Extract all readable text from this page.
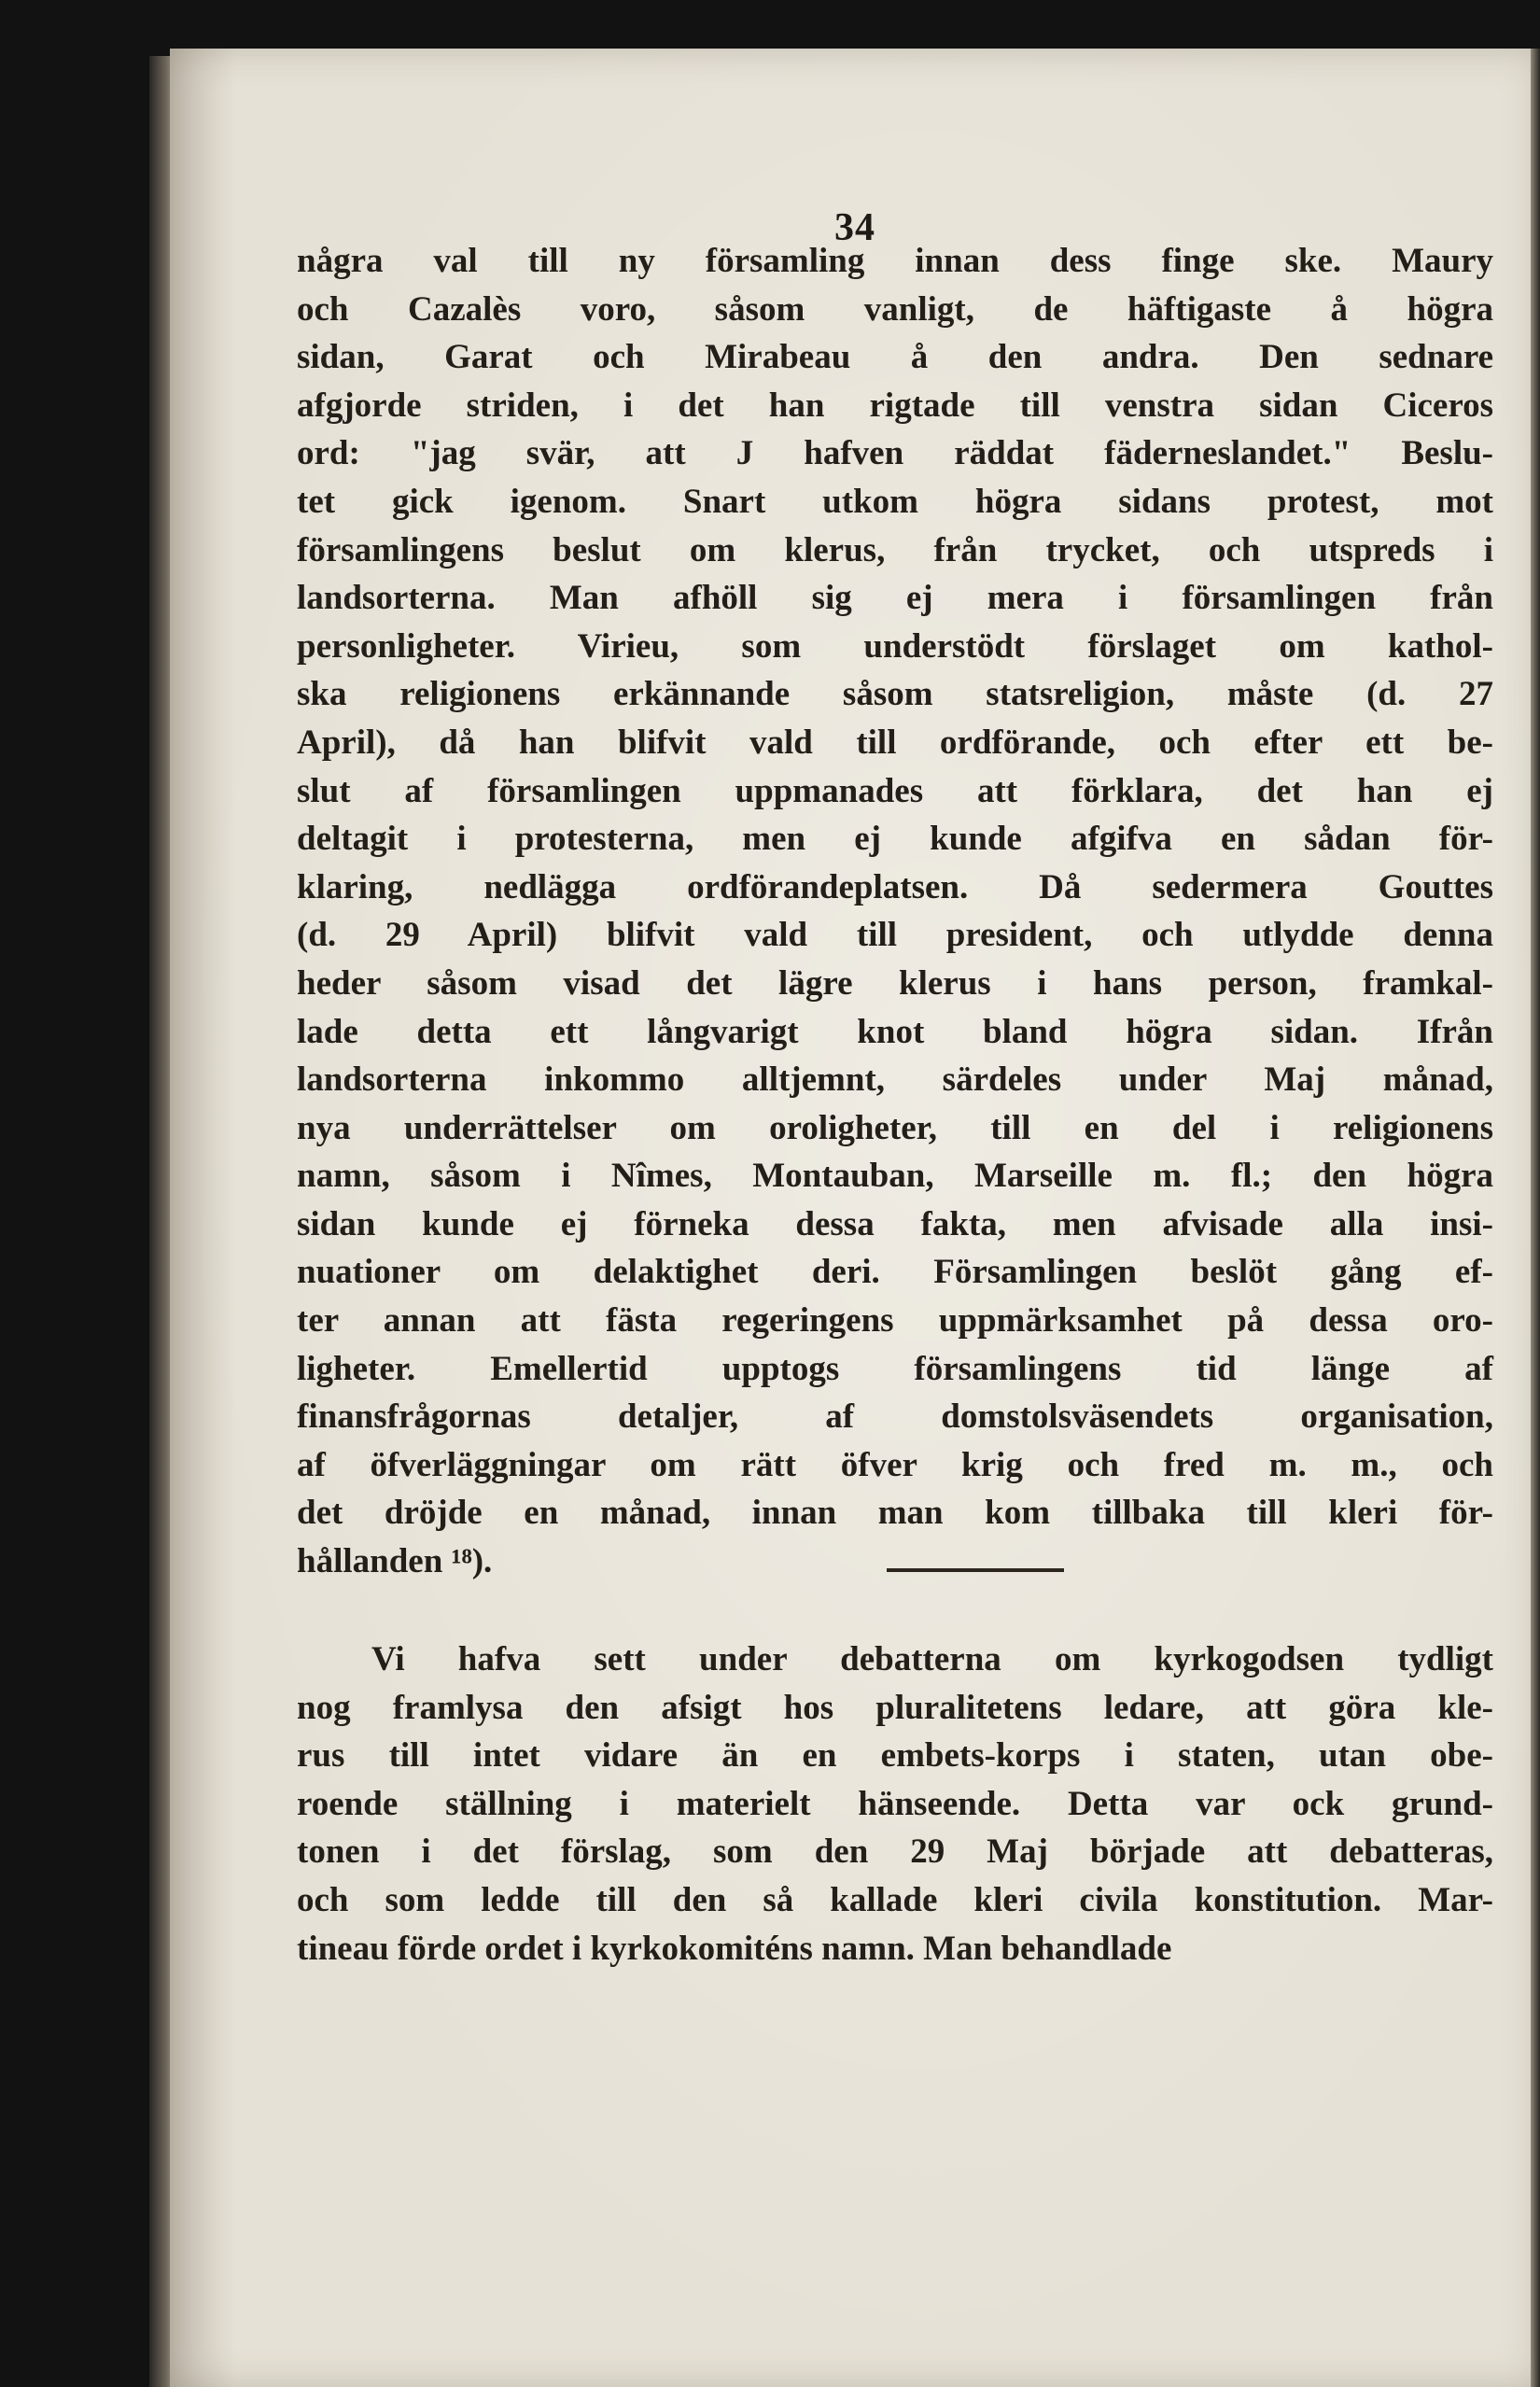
34
några val till ny församling innan dess finge ske. Maury
och Cazalès voro, såsom vanligt, de häftigaste å högra
sidan, Garat och Mirabeau å den andra. Den sednare
afgjorde striden, i det han rigtade till venstra sidan Ciceros
ord: "jag svär, att J hafven räddat fäderneslandet." Beslu-
tet gick igenom. Snart utkom högra sidans protest, mot
församlingens beslut om klerus, från trycket, och utspreds i
landsorterna. Man afhöll sig ej mera i församlingen från
personligheter. Virieu, som understödt förslaget om kathol-
ska religionens erkännande såsom statsreligion, måste (d. 27
April), då han blifvit vald till ordförande, och efter ett be-
slut af församlingen uppmanades att förklara, det han ej
deltagit i protesterna, men ej kunde afgifva en sådan för-
klaring, nedlägga ordförandeplatsen. Då sedermera Gouttes
(d. 29 April) blifvit vald till president, och utlydde denna
heder såsom visad det lägre klerus i hans person, framkal-
lade detta ett långvarigt knot bland högra sidan. Ifrån
landsorterna inkommo alltjemnt, särdeles under Maj månad,
nya underrättelser om oroligheter, till en del i religionens
namn, såsom i Nîmes, Montauban, Marseille m. fl.; den högra
sidan kunde ej förneka dessa fakta, men afvisade alla insi-
nuationer om delaktighet deri. Församlingen beslöt gång ef-
ter annan att fästa regeringens uppmärksamhet på dessa oro-
ligheter. Emellertid upptogs församlingens tid länge af
finansfrågornas detaljer, af domstolsväsendets organisation,
af öfverläggningar om rätt öfver krig och fred m. m., och
det dröjde en månad, innan man kom tillbaka till kleri för-
hållanden ¹⁸).
Vi hafva sett under debatterna om kyrkogodsen tydligt
nog framlysa den afsigt hos pluralitetens ledare, att göra kle-
rus till intet vidare än en embets-korps i staten, utan obe-
roende ställning i materielt hänseende. Detta var ock grund-
tonen i det förslag, som den 29 Maj började att debatteras,
och som ledde till den så kallade kleri civila konstitution. Mar-
tineau förde ordet i kyrkokomiténs namn. Man behandlade
